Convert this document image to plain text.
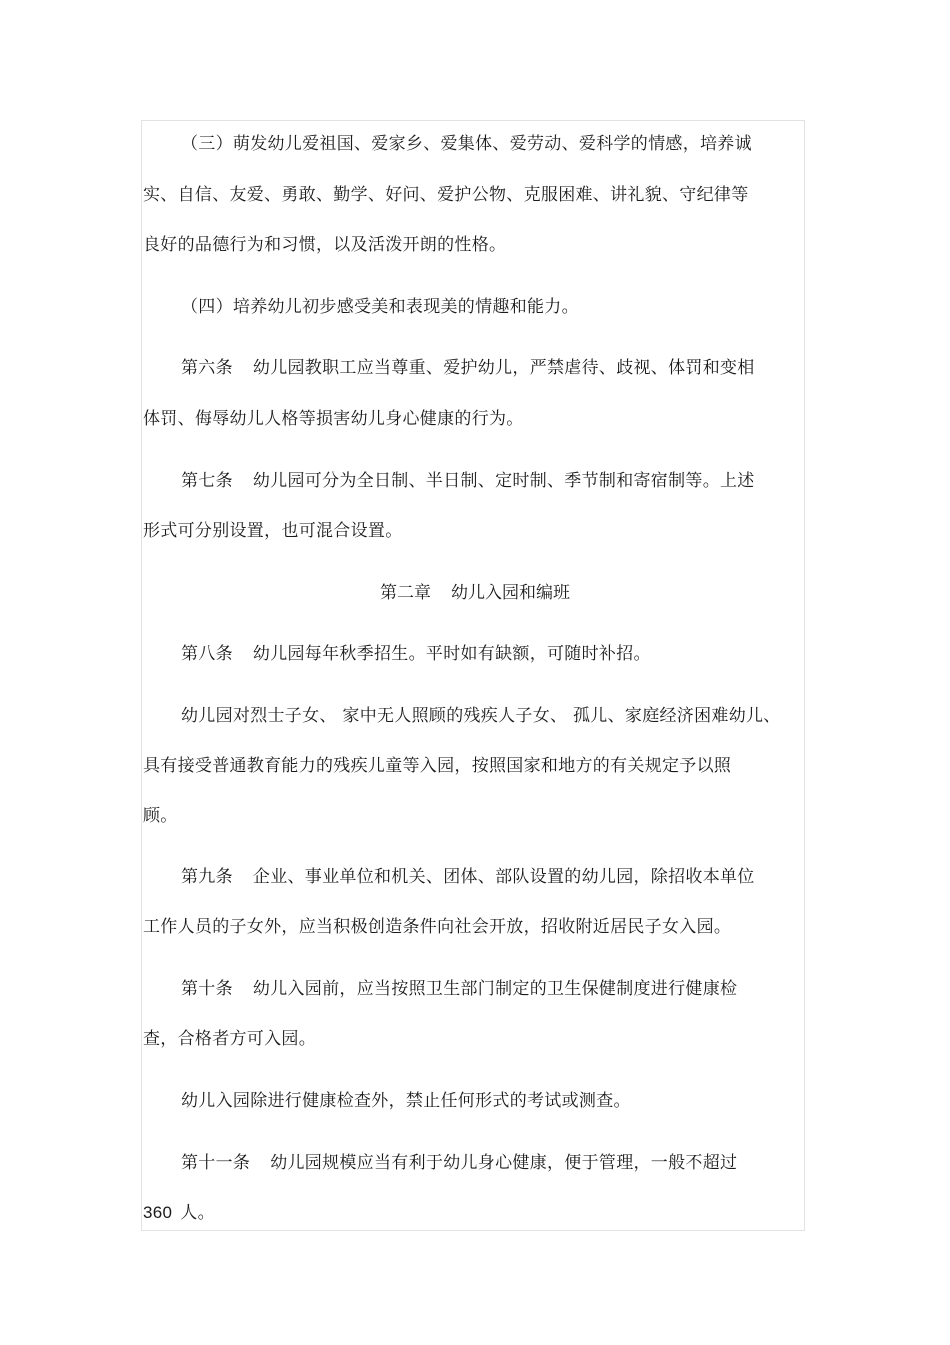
（三）萌发幼儿爱祖国、爱家乡、爱集体、爱劳动、爱科学的情感，培养诚
实、自信、友爱、勇敢、勤学、好问、爱护公物、克服困难、讲礼貌、守纪律等
良好的品德行为和习惯，以及活泼开朗的性格。
（四）培养幼儿初步感受美和表现美的情趣和能力。
第六条 幼儿园教职工应当尊重、爱护幼儿，严禁虐待、歧视、体罚和变相
体罚、侮辱幼儿人格等损害幼儿身心健康的行为。
第七条 幼儿园可分为全日制、半日制、定时制、季节制和寄宿制等。上述
形式可分别设置，也可混合设置。
第二章 幼儿入园和编班
第八条 幼儿园每年秋季招生。平时如有缺额，可随时补招。
幼儿园对烈士子女、 家中无人照顾的残疾人子女、 孤儿、家庭经济困难幼儿、
具有接受普通教育能力的残疾儿童等入园，按照国家和地方的有关规定予以照
顾。
第九条 企业、事业单位和机关、团体、部队设置的幼儿园，除招收本单位
工作人员的子女外，应当积极创造条件向社会开放，招收附近居民子女入园。
第十条 幼儿入园前，应当按照卫生部门制定的卫生保健制度进行健康检
查，合格者方可入园。
幼儿入园除进行健康检查外，禁止任何形式的考试或测查。
第十一条 幼儿园规模应当有利于幼儿身心健康，便于管理，一般不超过
360 人。
